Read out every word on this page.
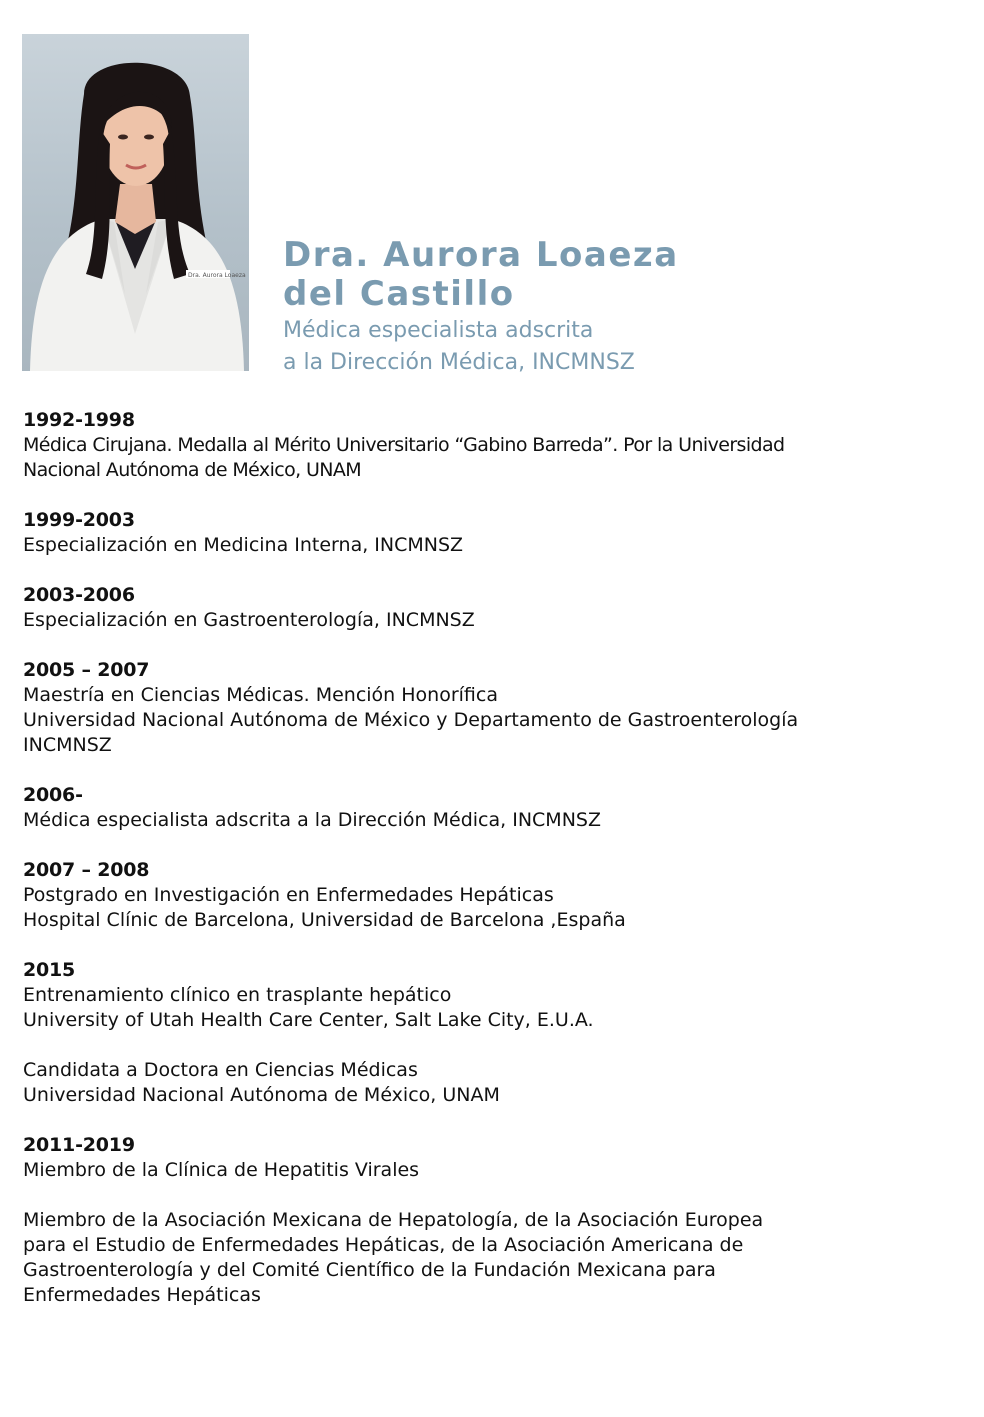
Dra. Aurora Loaeza
Dra. Aurora Loaeza
del Castillo
Médica especialista adscrita
a la Dirección Médica, INCMNSZ
1992-1998
Médica Cirujana. Medalla al Mérito Universitario “Gabino Barreda”. Por la Universidad
Nacional Autónoma de México, UNAM
1999-2003
Especialización en Medicina Interna, INCMNSZ
2003-2006
Especialización en Gastroenterología, INCMNSZ
2005 – 2007
Maestría en Ciencias Médicas. Mención Honorífica
Universidad Nacional Autónoma de México y Departamento de Gastroenterología
INCMNSZ
2006-
Médica especialista adscrita a la Dirección Médica, INCMNSZ
2007 – 2008
Postgrado en Investigación en Enfermedades Hepáticas
Hospital Clínic de Barcelona, Universidad de Barcelona ,España
2015
Entrenamiento clínico en trasplante hepático
University of Utah Health Care Center, Salt Lake City, E.U.A.
Candidata a Doctora en Ciencias Médicas
Universidad Nacional Autónoma de México, UNAM
2011-2019
Miembro de la Clínica de Hepatitis Virales
Miembro de la Asociación Mexicana de Hepatología, de la Asociación Europea
para el Estudio de Enfermedades Hepáticas, de la Asociación Americana de
Gastroenterología y del Comité Científico de la Fundación Mexicana para
Enfermedades Hepáticas
